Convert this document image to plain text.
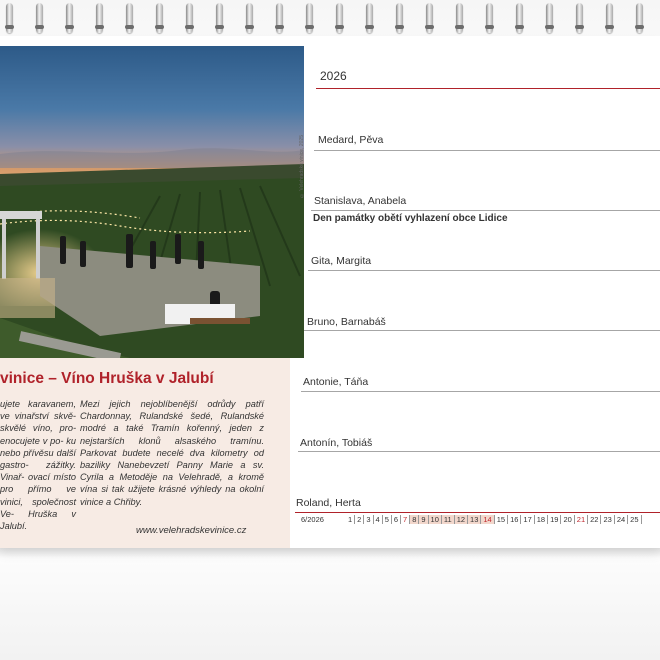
© Velehradské vinice, 2025
vinice – Víno Hruška v Jalubí

ujete karavanem, ve vinařství skvě- skvělé víno, pro- enocujete v po- ku nebo přívěsu další gastro- zážitky. Vinař- ovací místo pro přímo ve vinici, společnost Ve- Hruška v Jalubí.

Mezi jejich nejoblíbenější odrůdy patří Chardonnay, Rulandské šedé, Rulandské modré a také Tramín kořenný, jeden z nejstarších klonů alsaského tramínu. Parkovat budete necelé dva kilometry od baziliky Nanebevzetí Panny Marie a sv. Cyrila a Metoděje na Velehradě, a kromě vína si tak užijete krásné výhledy na okolní vinice a Chřiby.

www.velehradskevinice.cz
2026
Medard, Pěva
Stanislava, Anabela
Den památky obětí vyhlazení obce Lidice
Gita, Margita
Bruno, Barnabáš
Antonie, Táňa
Antonín, Tobiáš
Roland, Herta
6/2026	1 2 3 4 5 6 7 8 9 10 11 12 13 14 15 16 17 18 19 20 21 22 23 24 25
